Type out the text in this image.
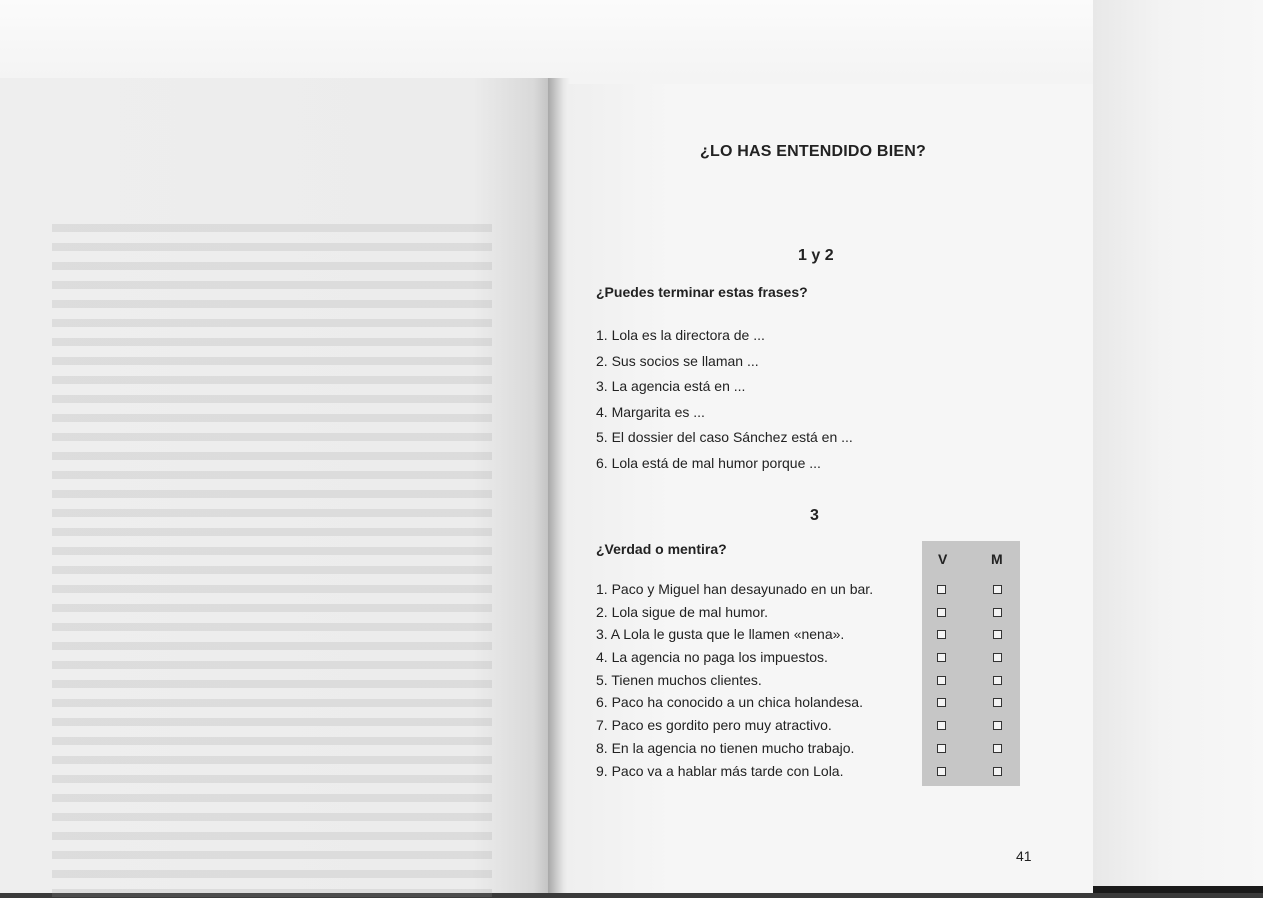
¿LO HAS ENTENDIDO BIEN?
1 y 2
¿Puedes terminar estas frases?
1. Lola es la directora de ...
2. Sus socios se llaman ...
3. La agencia está en ...
4. Margarita es ...
5. El dossier del caso Sánchez está en ...
6. Lola está de mal humor porque ...
3
¿Verdad o mentira?
V	M
1. Paco y Miguel han desayunado en un bar.
2. Lola sigue de mal humor.
3. A Lola le gusta que le llamen «nena».
4. La agencia no paga los impuestos.
5. Tienen muchos clientes.
6. Paco ha conocido a un chica holandesa.
7. Paco es gordito pero muy atractivo.
8. En la agencia no tienen mucho trabajo.
9. Paco va a hablar más tarde con Lola.
41
